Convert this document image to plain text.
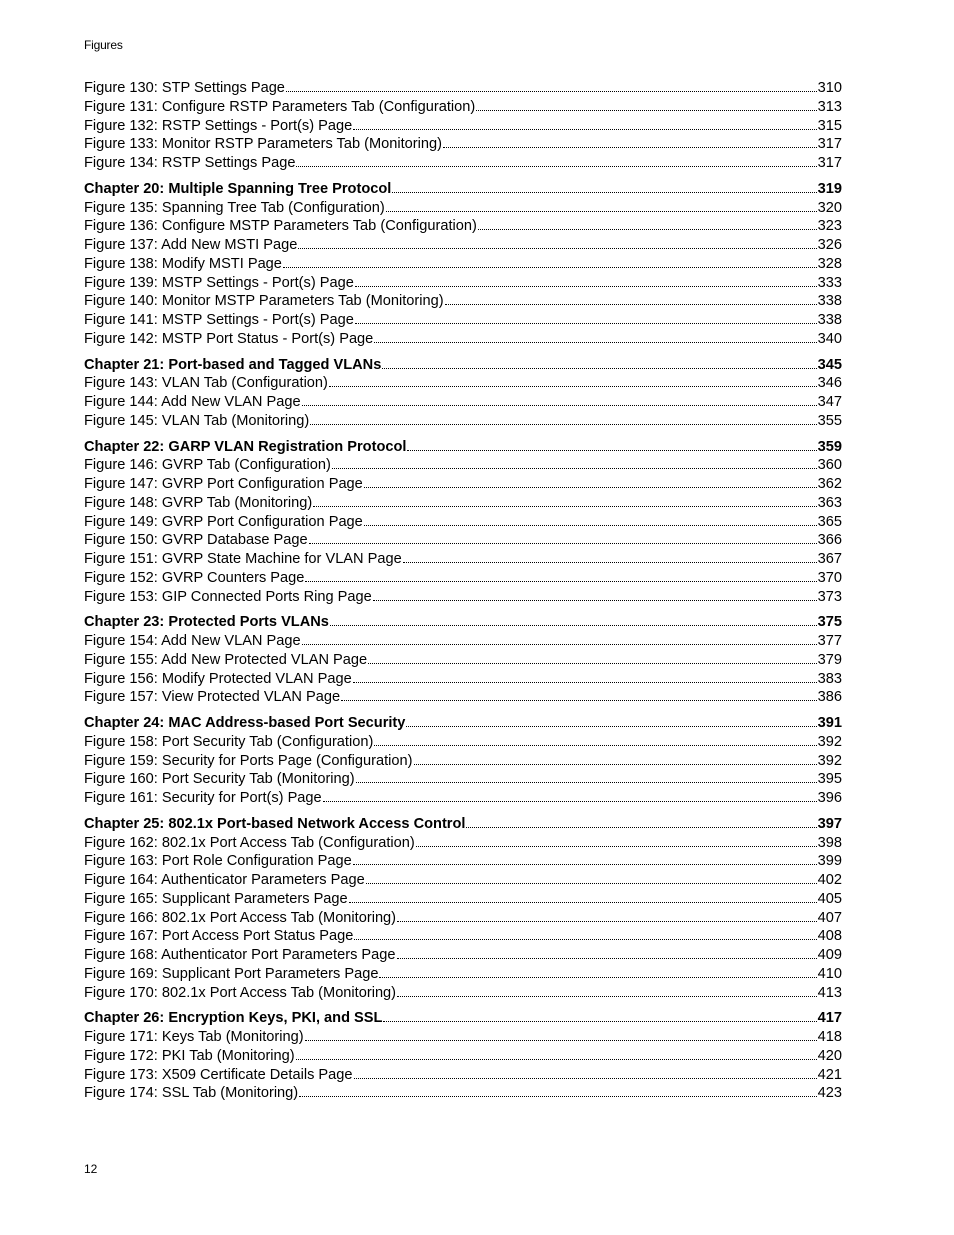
Figures
Figure 130: STP Settings Page	310
Figure 131: Configure RSTP Parameters Tab (Configuration)	313
Figure 132: RSTP Settings - Port(s) Page	315
Figure 133: Monitor RSTP Parameters Tab (Monitoring)	317
Figure 134: RSTP Settings Page	317
Chapter 20: Multiple Spanning Tree Protocol	319
Figure 135: Spanning Tree Tab (Configuration)	320
Figure 136: Configure MSTP Parameters Tab (Configuration)	323
Figure 137: Add New MSTI Page	326
Figure 138: Modify MSTI Page	328
Figure 139: MSTP Settings - Port(s) Page	333
Figure 140: Monitor MSTP Parameters Tab (Monitoring)	338
Figure 141: MSTP Settings - Port(s) Page	338
Figure 142: MSTP Port Status - Port(s) Page	340
Chapter 21: Port-based and Tagged VLANs	345
Figure 143: VLAN Tab (Configuration)	346
Figure 144: Add New VLAN Page	347
Figure 145: VLAN Tab (Monitoring)	355
Chapter 22: GARP VLAN Registration Protocol	359
Figure 146: GVRP Tab (Configuration)	360
Figure 147: GVRP Port Configuration Page	362
Figure 148: GVRP Tab (Monitoring)	363
Figure 149: GVRP Port Configuration Page	365
Figure 150: GVRP Database Page	366
Figure 151: GVRP State Machine for VLAN Page	367
Figure 152: GVRP Counters Page	370
Figure 153: GIP Connected Ports Ring Page	373
Chapter 23: Protected Ports VLANs	375
Figure 154: Add New VLAN Page	377
Figure 155: Add New Protected VLAN Page	379
Figure 156: Modify Protected VLAN Page	383
Figure 157: View Protected VLAN Page	386
Chapter 24: MAC Address-based Port Security	391
Figure 158: Port Security Tab (Configuration)	392
Figure 159: Security for Ports Page (Configuration)	392
Figure 160: Port Security Tab (Monitoring)	395
Figure 161: Security for Port(s) Page	396
Chapter 25: 802.1x Port-based Network Access Control	397
Figure 162: 802.1x Port Access Tab (Configuration)	398
Figure 163: Port Role Configuration Page	399
Figure 164: Authenticator Parameters Page	402
Figure 165: Supplicant Parameters Page	405
Figure 166: 802.1x Port Access Tab (Monitoring)	407
Figure 167: Port Access Port Status Page	408
Figure 168: Authenticator Port Parameters Page	409
Figure 169: Supplicant Port Parameters Page	410
Figure 170: 802.1x Port Access Tab (Monitoring)	413
Chapter 26: Encryption Keys, PKI, and SSL	417
Figure 171: Keys Tab (Monitoring)	418
Figure 172: PKI Tab (Monitoring)	420
Figure 173: X509 Certificate Details Page	421
Figure 174: SSL Tab (Monitoring)	423
12
